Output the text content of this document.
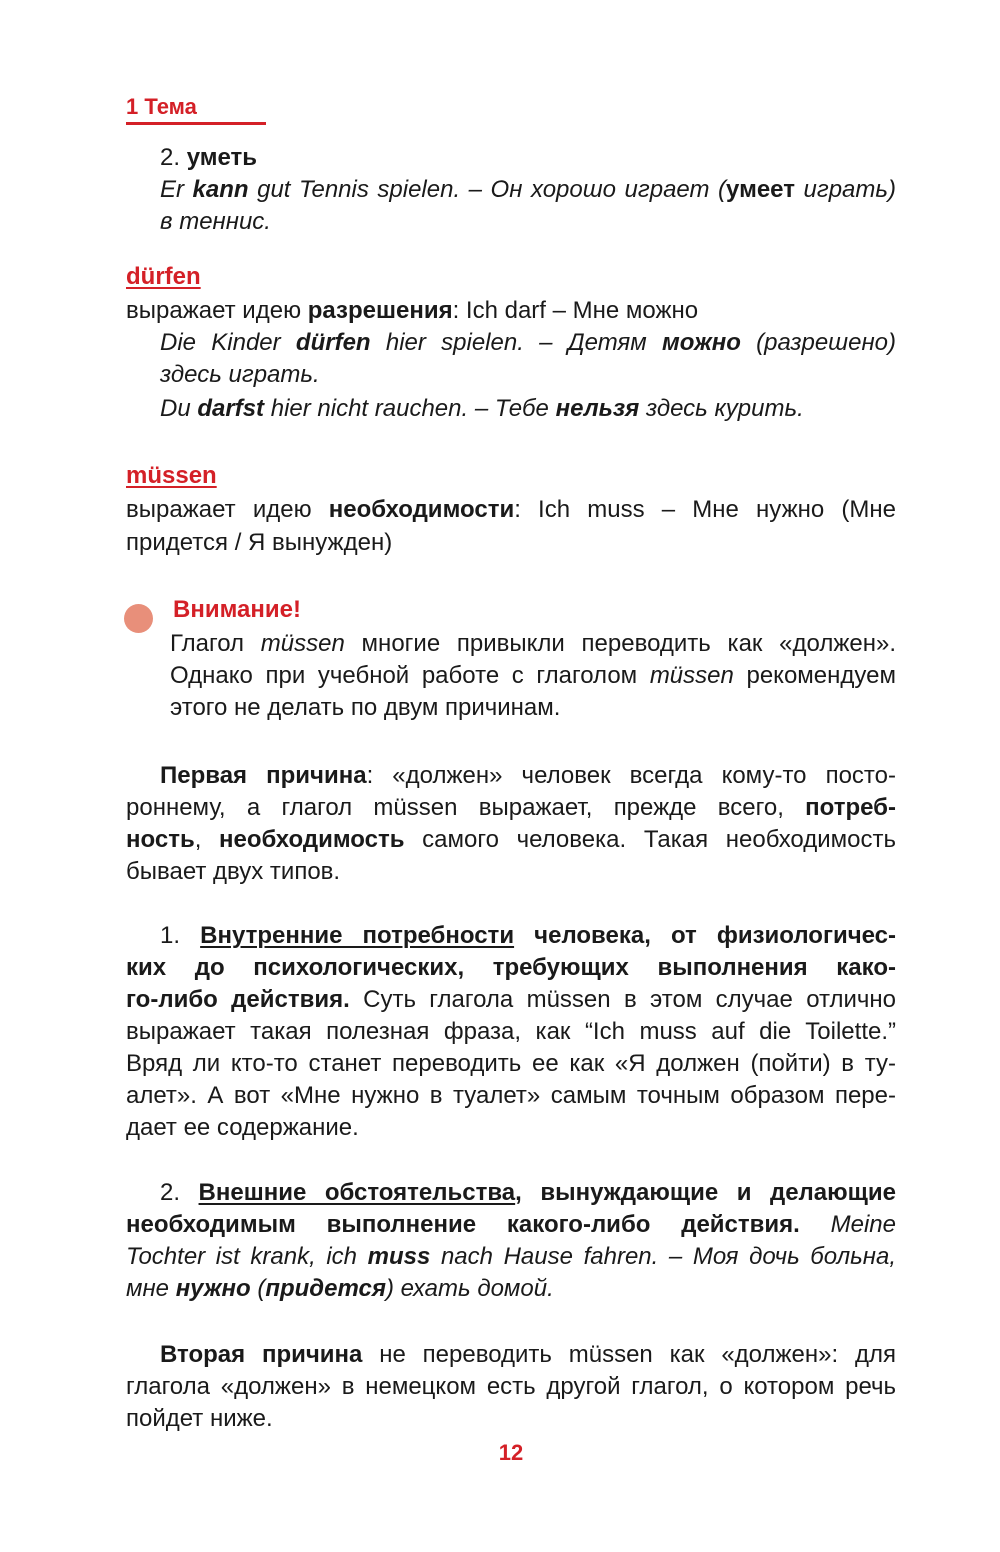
1 Тема
2. уметь
Er kann gut Tennis spielen. – Он хорошо играет (умеет играть)
в теннис.
dürfen
выражает идею разрешения: Ich darf – Мне можно
Die Kinder dürfen hier spielen. – Детям можно (разрешено)
здесь играть.
Du darfst hier nicht rauchen. – Тебе нельзя здесь курить.
müssen
выражает идею необходимости: Ich muss – Мне нужно (Мне
придется / Я вынужден)
Внимание!
Глагол müssen многие привыкли переводить как «должен».
Однако при учебной работе с глаголом müssen рекомендуем
этого не делать по двум причинам.
Первая причина: «должен» человек всегда кому-то посто-
роннему, а глагол müssen выражает, прежде всего, потреб-
ность, необходимость самого человека. Такая необходимость
бывает двух типов.
1. Внутренние потребности человека, от физиологичес-
ких до психологических, требующих выполнения како-
го-либо действия. Суть глагола müssen в этом случае отлично
выражает такая полезная фраза, как “Ich muss auf die Toilette.”
Вряд ли кто-то станет переводить ее как «Я должен (пойти) в ту-
алет». А вот «Мне нужно в туалет» самым точным образом пере-
дает ее содержание.
2. Внешние обстоятельства, вынуждающие и делающие
необходимым выполнение какого-либо действия. Meine
Tochter ist krank, ich muss nach Hause fahren. – Моя дочь больна,
мне нужно (придется) ехать домой.
Вторая причина не переводить müssen как «должен»: для
глагола «должен» в немецком есть другой глагол, о котором речь
пойдет ниже.
12
